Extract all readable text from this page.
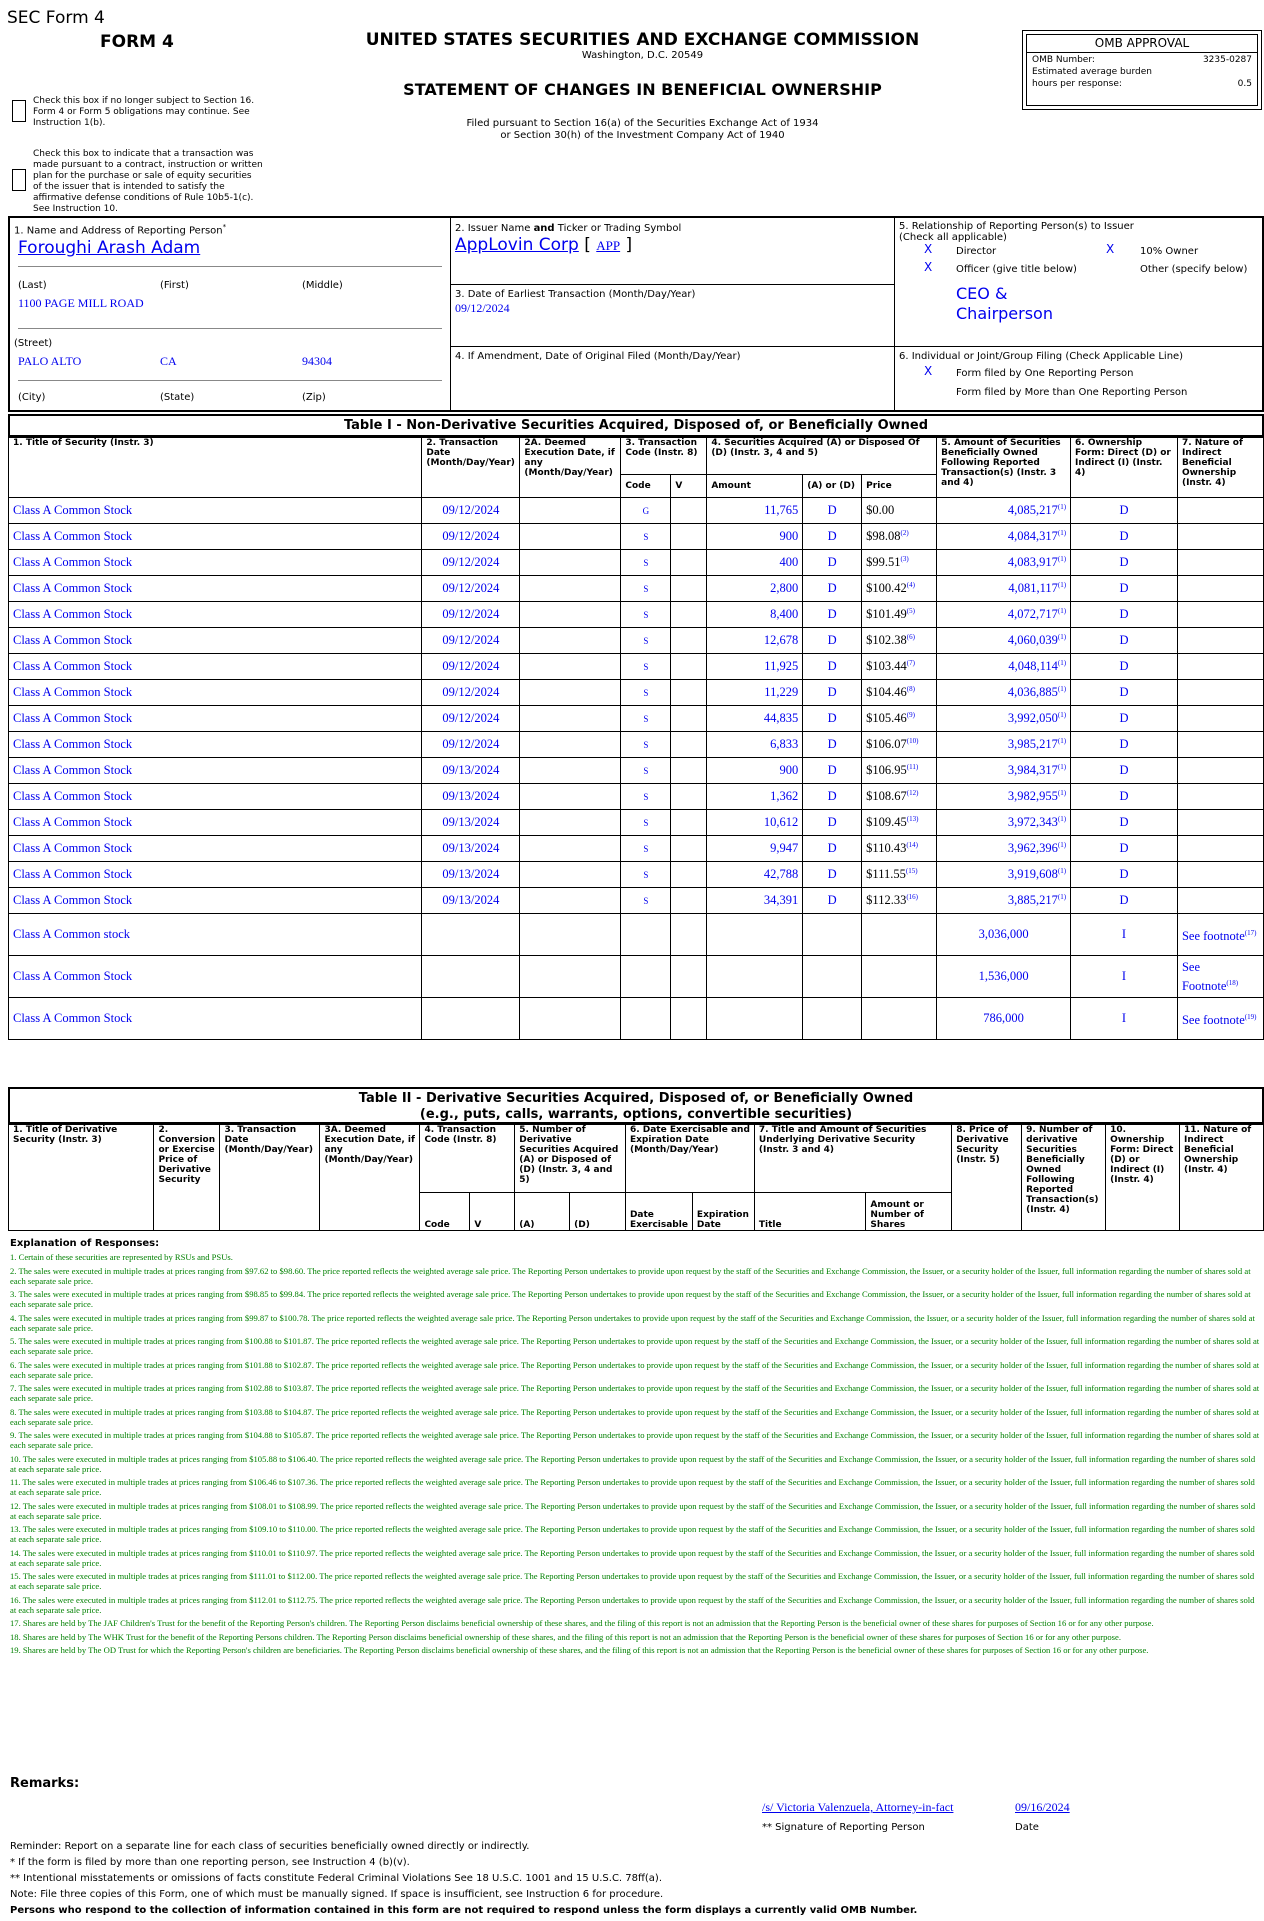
SEC Form 4
FORM 4	UNITED STATES SECURITIES AND EXCHANGE COMMISSION
Washington, D.C. 20549
STATEMENT OF CHANGES IN BENEFICIAL OWNERSHIP
Filed pursuant to Section 16(a) of the Securities Exchange Act of 1934
or Section 30(h) of the Investment Company Act of 1940
OMB APPROVAL
OMB Number:	3235-0287
Estimated average burden
hours per response:	0.5
Check this box if no longer subject to Section 16. Form 4 or Form 5 obligations may continue. See Instruction 1(b).
Check this box to indicate that a transaction was made pursuant to a contract, instruction or written plan for the purchase or sale of equity securities of the issuer that is intended to satisfy the affirmative defense conditions of Rule 10b5-1(c). See Instruction 10.
1. Name and Address of Reporting Person*
Foroughi Arash Adam
(Last)	(First)	(Middle)
1100 PAGE MILL ROAD
(Street)
PALO ALTO	CA	94304
(City)	(State)	(Zip)
2. Issuer Name and Ticker or Trading Symbol
AppLovin Corp [ APP ]
3. Date of Earliest Transaction (Month/Day/Year)
09/12/2024
4. If Amendment, Date of Original Filed (Month/Day/Year)
5. Relationship of Reporting Person(s) to Issuer
(Check all applicable)
X Director	X	10% Owner
X Officer (give title below)	Other (specify below)
CEO &
Chairperson
6. Individual or Joint/Group Filing (Check Applicable Line)
X Form filed by One Reporting Person
Form filed by More than One Reporting Person
Table I - Non-Derivative Securities Acquired, Disposed of, or Beneficially Owned
1. Title of Security (Instr. 3)	2. Transaction Date (Month/Day/Year)	2A. Deemed Execution Date, if any (Month/Day/Year)	3. Transaction Code (Instr. 8)		4. Securities Acquired (A) or Disposed Of (D) (Instr. 3, 4 and 5)			5. Amount of Securities Beneficially Owned Following Reported Transaction(s) (Instr. 3 and 4)	6. Ownership Form: Direct (D) or Indirect (I) (Instr. 4)	7. Nature of Indirect Beneficial Ownership (Instr. 4)
			Code	V	Amount	(A) or (D)	Price			
Class A Common Stock	09/12/2024		G		11,765	D	$0.00	4,085,217$^{(1)}$	D	
Class A Common Stock	09/12/2024		S		900	D	$98.08$^{(2)}$	4,084,317$^{(1)}$	D	
Class A Common Stock	09/12/2024		S		400	D	$99.51$^{(3)}$	4,083,917$^{(1)}$	D	
Class A Common Stock	09/12/2024		S		2,800	D	$100.42$^{(4)}$	4,081,117$^{(1)}$	D	
Class A Common Stock	09/12/2024		S		8,400	D	$101.49$^{(5)}$	4,072,717$^{(1)}$	D	
Class A Common Stock	09/12/2024		S		12,678	D	$102.38$^{(6)}$	4,060,039$^{(1)}$	D	
Class A Common Stock	09/12/2024		S		11,925	D	$103.44$^{(7)}$	4,048,114$^{(1)}$	D	
Class A Common Stock	09/12/2024		S		11,229	D	$104.46$^{(8)}$	4,036,885$^{(1)}$	D	
Class A Common Stock	09/12/2024		S		44,835	D	$105.46$^{(9)}$	3,992,050$^{(1)}$	D	
Class A Common Stock	09/12/2024		S		6,833	D	$106.07$^{(10)}$	3,985,217$^{(1)}$	D	
Class A Common Stock	09/13/2024		S		900	D	$106.95$^{(11)}$	3,984,317$^{(1)}$	D	
Class A Common Stock	09/13/2024		S		1,362	D	$108.67$^{(12)}$	3,982,955$^{(1)}$	D	
Class A Common Stock	09/13/2024		S		10,612	D	$109.45$^{(13)}$	3,972,343$^{(1)}$	D	
Class A Common Stock	09/13/2024		S		9,947	D	$110.43$^{(14)}$	3,962,396$^{(1)}$	D	
Class A Common Stock	09/13/2024		S		42,788	D	$111.55$^{(15)}$	3,919,608$^{(1)}$	D	
Class A Common Stock	09/13/2024		S		34,391	D	$112.33$^{(16)}$	3,885,217$^{(1)}$	D	
Class A Common stock								3,036,000	I	See footnote$^{(17)}$
Class A Common Stock								1,536,000	I	See Footnote$^{(18)}$
Class A Common Stock								786,000	I	See footnote$^{(19)}$
Table II - Derivative Securities Acquired, Disposed of, or Beneficially Owned
(e.g., puts, calls, warrants, options, convertible securities)
1. Title of Derivative Security (Instr. 3)	2. Conversion or Exercise Price of Derivative Security	3. Transaction Date (Month/Day/Year)	3A. Deemed Execution Date, if any (Month/Day/Year)	4. Transaction Code (Instr. 8)		5. Number of Derivative Securities Acquired (A) or Disposed of (D) (Instr. 3, 4 and 5)		6. Date Exercisable and Expiration Date (Month/Day/Year)		7. Title and Amount of Securities Underlying Derivative Security (Instr. 3 and 4)		8. Price of Derivative Security (Instr. 5)	9. Number of derivative Securities Beneficially Owned Following Reported Transaction(s) (Instr. 4)	10. Ownership Form: Direct (D) or Indirect (I) (Instr. 4)	11. Nature of Indirect Beneficial Ownership (Instr. 4)
				Code	V	(A)	(D)	Date Exercisable	Expiration Date	Title	Amount or Number of Shares				
Explanation of Responses:
1. Certain of these securities are represented by RSUs and PSUs.
2. The sales were executed in multiple trades at prices ranging from $97.62 to $98.60. The price reported reflects the weighted average sale price. The Reporting Person undertakes to provide upon request by the staff of the Securities and Exchange Commission, the Issuer, or a security holder of the Issuer, full information regarding the number of shares sold at each separate sale price.
3. The sales were executed in multiple trades at prices ranging from $98.85 to $99.84. The price reported reflects the weighted average sale price. The Reporting Person undertakes to provide upon request by the staff of the Securities and Exchange Commission, the Issuer, or a security holder of the Issuer, full information regarding the number of shares sold at each separate sale price.
4. The sales were executed in multiple trades at prices ranging from $99.87 to $100.78. The price reported reflects the weighted average sale price. The Reporting Person undertakes to provide upon request by the staff of the Securities and Exchange Commission, the Issuer, or a security holder of the Issuer, full information regarding the number of shares sold at each separate sale price.
5. The sales were executed in multiple trades at prices ranging from $100.88 to $101.87. The price reported reflects the weighted average sale price. The Reporting Person undertakes to provide upon request by the staff of the Securities and Exchange Commission, the Issuer, or a security holder of the Issuer, full information regarding the number of shares sold at each separate sale price.
6. The sales were executed in multiple trades at prices ranging from $101.88 to $102.87. The price reported reflects the weighted average sale price. The Reporting Person undertakes to provide upon request by the staff of the Securities and Exchange Commission, the Issuer, or a security holder of the Issuer, full information regarding the number of shares sold at each separate sale price.
7. The sales were executed in multiple trades at prices ranging from $102.88 to $103.87. The price reported reflects the weighted average sale price. The Reporting Person undertakes to provide upon request by the staff of the Securities and Exchange Commission, the Issuer, or a security holder of the Issuer, full information regarding the number of shares sold at each separate sale price.
8. The sales were executed in multiple trades at prices ranging from $103.88 to $104.87. The price reported reflects the weighted average sale price. The Reporting Person undertakes to provide upon request by the staff of the Securities and Exchange Commission, the Issuer, or a security holder of the Issuer, full information regarding the number of shares sold at each separate sale price.
9. The sales were executed in multiple trades at prices ranging from $104.88 to $105.87. The price reported reflects the weighted average sale price. The Reporting Person undertakes to provide upon request by the staff of the Securities and Exchange Commission, the Issuer, or a security holder of the Issuer, full information regarding the number of shares sold at each separate sale price.
10. The sales were executed in multiple trades at prices ranging from $105.88 to $106.40. The price reported reflects the weighted average sale price. The Reporting Person undertakes to provide upon request by the staff of the Securities and Exchange Commission, the Issuer, or a security holder of the Issuer, full information regarding the number of shares sold at each separate sale price.
11. The sales were executed in multiple trades at prices ranging from $106.46 to $107.36. The price reported reflects the weighted average sale price. The Reporting Person undertakes to provide upon request by the staff of the Securities and Exchange Commission, the Issuer, or a security holder of the Issuer, full information regarding the number of shares sold at each separate sale price.
12. The sales were executed in multiple trades at prices ranging from $108.01 to $108.99. The price reported reflects the weighted average sale price. The Reporting Person undertakes to provide upon request by the staff of the Securities and Exchange Commission, the Issuer, or a security holder of the Issuer, full information regarding the number of shares sold at each separate sale price.
13. The sales were executed in multiple trades at prices ranging from $109.10 to $110.00. The price reported reflects the weighted average sale price. The Reporting Person undertakes to provide upon request by the staff of the Securities and Exchange Commission, the Issuer, or a security holder of the Issuer, full information regarding the number of shares sold at each separate sale price.
14. The sales were executed in multiple trades at prices ranging from $110.01 to $110.97. The price reported reflects the weighted average sale price. The Reporting Person undertakes to provide upon request by the staff of the Securities and Exchange Commission, the Issuer, or a security holder of the Issuer, full information regarding the number of shares sold at each separate sale price.
15. The sales were executed in multiple trades at prices ranging from $111.01 to $112.00. The price reported reflects the weighted average sale price. The Reporting Person undertakes to provide upon request by the staff of the Securities and Exchange Commission, the Issuer, or a security holder of the Issuer, full information regarding the number of shares sold at each separate sale price.
16. The sales were executed in multiple trades at prices ranging from $112.01 to $112.75. The price reported reflects the weighted average sale price. The Reporting Person undertakes to provide upon request by the staff of the Securities and Exchange Commission, the Issuer, or a security holder of the Issuer, full information regarding the number of shares sold at each separate sale price.
17. Shares are held by The JAF Children's Trust for the benefit of the Reporting Person's children. The Reporting Person disclaims beneficial ownership of these shares, and the filing of this report is not an admission that the Reporting Person is the beneficial owner of these shares for purposes of Section 16 or for any other purpose.
18. Shares are held by The WHK Trust for the benefit of the Reporting Persons children. The Reporting Person disclaims beneficial ownership of these shares, and the filing of this report is not an admission that the Reporting Person is the beneficial owner of these shares for purposes of Section 16 or for any other purpose.
19. Shares are held by The OD Trust for which the Reporting Person's children are beneficiaries. The Reporting Person disclaims beneficial ownership of these shares, and the filing of this report is not an admission that the Reporting Person is the beneficial owner of these shares for purposes of Section 16 or for any other purpose.
Remarks:
/s/ Victoria Valenzuela, Attorney-in-fact	09/16/2024
** Signature of Reporting Person	Date
Reminder: Report on a separate line for each class of securities beneficially owned directly or indirectly.
* If the form is filed by more than one reporting person, see Instruction 4 (b)(v).
** Intentional misstatements or omissions of facts constitute Federal Criminal Violations See 18 U.S.C. 1001 and 15 U.S.C. 78ff(a).
Note: File three copies of this Form, one of which must be manually signed. If space is insufficient, see Instruction 6 for procedure.
Persons who respond to the collection of information contained in this form are not required to respond unless the form displays a currently valid OMB Number.
